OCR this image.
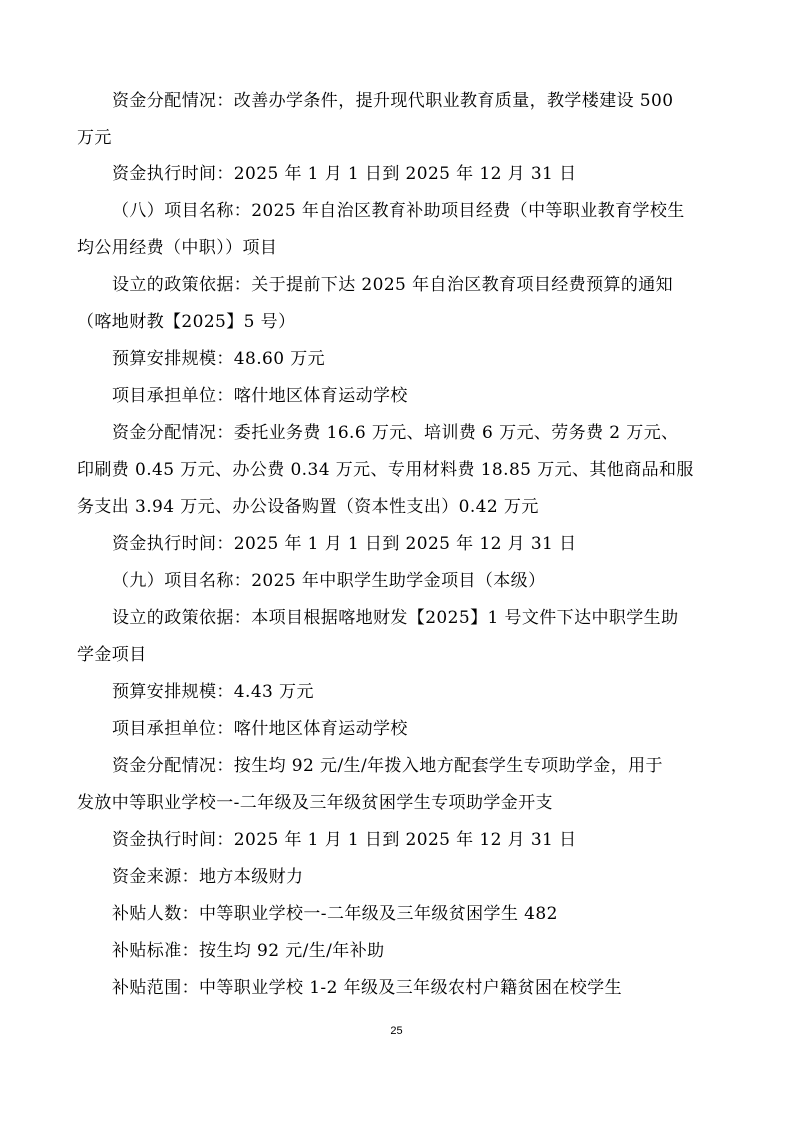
资金分配情况：改善办学条件，提升现代职业教育质量，教学楼建设 500
万元
资金执行时间：2025 年 1 月 1 日到 2025 年 12 月 31 日
（八）项目名称：2025 年自治区教育补助项目经费（中等职业教育学校生
均公用经费（中职））项目
设立的政策依据：关于提前下达 2025 年自治区教育项目经费预算的通知
（喀地财教【2025】5 号）
预算安排规模：48.60 万元
项目承担单位：喀什地区体育运动学校
资金分配情况：委托业务费 16.6 万元、培训费 6 万元、劳务费 2 万元、
印刷费 0.45 万元、办公费 0.34 万元、专用材料费 18.85 万元、其他商品和服
务支出 3.94 万元、办公设备购置（资本性支出）0.42 万元
资金执行时间：2025 年 1 月 1 日到 2025 年 12 月 31 日
（九）项目名称：2025 年中职学生助学金项目（本级）
设立的政策依据：本项目根据喀地财发【2025】1 号文件下达中职学生助
学金项目
预算安排规模：4.43 万元
项目承担单位：喀什地区体育运动学校
资金分配情况：按生均 92 元/生/年拨入地方配套学生专项助学金，用于
发放中等职业学校一-二年级及三年级贫困学生专项助学金开支
资金执行时间：2025 年 1 月 1 日到 2025 年 12 月 31 日
资金来源：地方本级财力
补贴人数：中等职业学校一-二年级及三年级贫困学生 482
补贴标准：按生均 92 元/生/年补助
补贴范围：中等职业学校 1-2 年级及三年级农村户籍贫困在校学生
25
